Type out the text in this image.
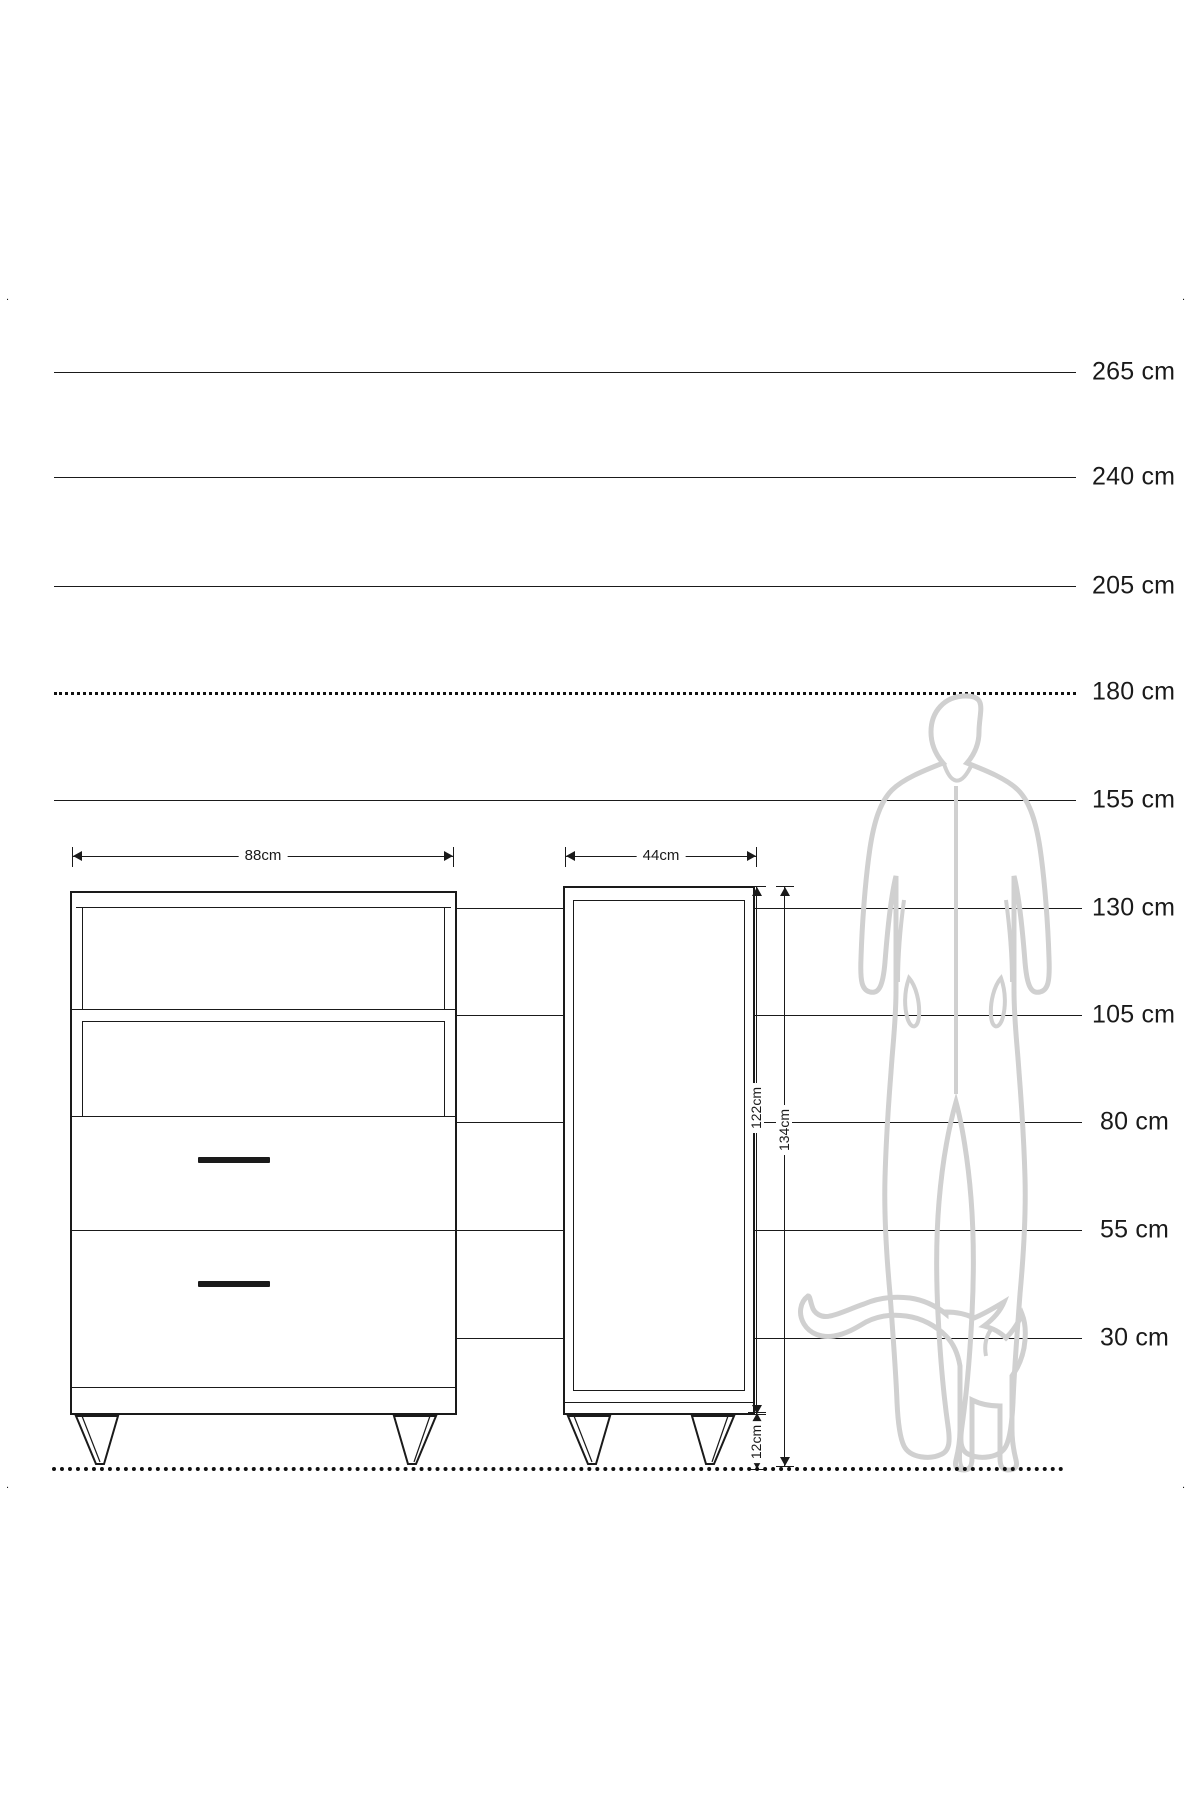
.	.
.	.
265 cm
240 cm
205 cm
180 cm
155 cm
130 cm
105 cm
80 cm
55 cm
30 cm
88cm	44cm
122cm
134cm
12cm
